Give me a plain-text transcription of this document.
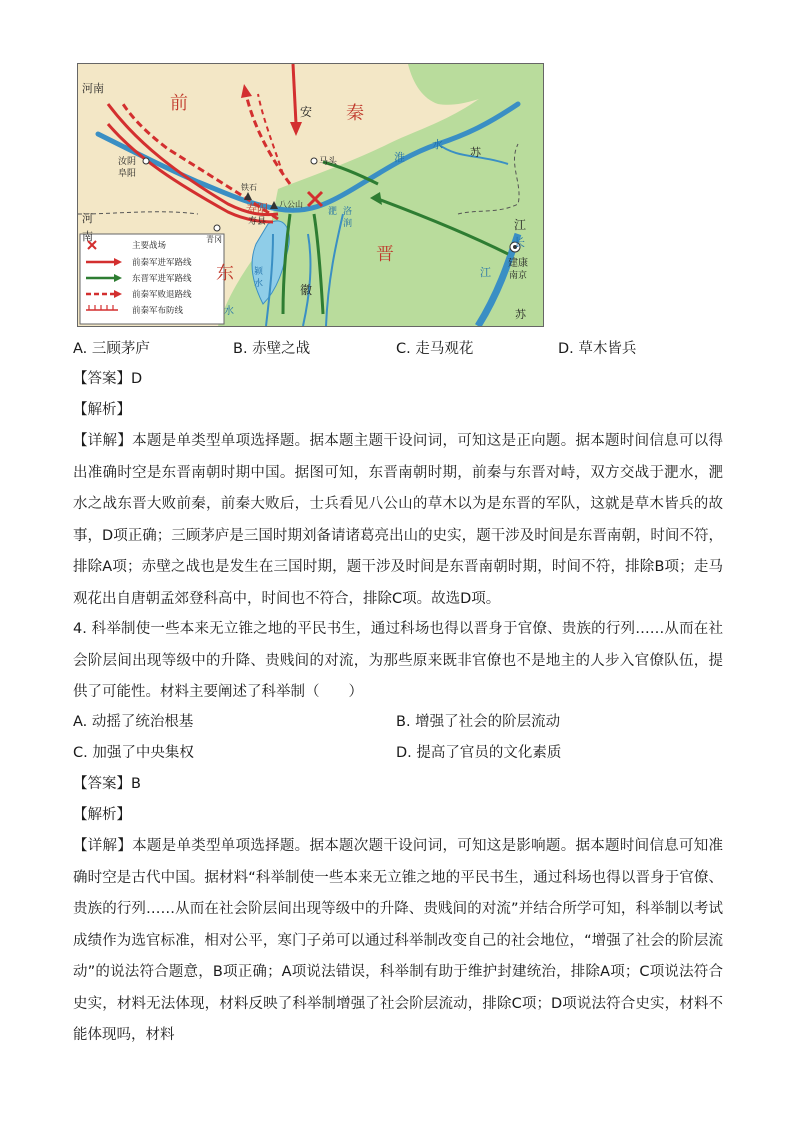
河南
前	秦
安
汝阴
阜阳
马头
铁石
八公山
寿阳
寿县
青冈
河
南
东
晋
徽
淮
水
苏
江
长
江
建康
南京
苏
水
淝 洛
涧
颍
水
主要战场
前秦军进军路线
东晋军进军路线
前秦军败退路线
前秦军布防线
A. 三顾茅庐	B. 赤壁之战	C. 走马观花	D. 草木皆兵
【答案】D
【解析】
【详解】本题是单类型单项选择题。据本题主题干设问词，可知这是正向题。据本题时间信息可以得出准确时空是东晋南朝时期中国。据图可知，东晋南朝时期，前秦与东晋对峙，双方交战于淝水，淝水之战东晋大败前秦，前秦大败后，士兵看见八公山的草木以为是东晋的军队，这就是草木皆兵的故事，D项正确；三顾茅庐是三国时期刘备请诸葛亮出山的史实，题干涉及时间是东晋南朝，时间不符，排除A项；赤壁之战也是发生在三国时期，题干涉及时间是东晋南朝时期，时间不符，排除B项；走马观花出自唐朝孟郊登科高中，时间也不符合，排除C项。故选D项。
4. 科举制使一些本来无立锥之地的平民书生，通过科场也得以晋身于官僚、贵族的行列……从而在社会阶层间出现等级中的升降、贵贱间的对流，为那些原来既非官僚也不是地主的人步入官僚队伍，提供了可能性。材料主要阐述了科举制（　　）
A. 动摇了统治根基	B. 增强了社会的阶层流动
C. 加强了中央集权	D. 提高了官员的文化素质
【答案】B
【解析】
【详解】本题是单类型单项选择题。据本题次题干设问词，可知这是影响题。据本题时间信息可知准确时空是古代中国。据材料“科举制使一些本来无立锥之地的平民书生，通过科场也得以晋身于官僚、贵族的行列……从而在社会阶层间出现等级中的升降、贵贱间的对流”并结合所学可知，科举制以考试成绩作为选官标准，相对公平，寒门子弟可以通过科举制改变自己的社会地位，“增强了社会的阶层流动”的说法符合题意，B项正确；A项说法错误，科举制有助于维护封建统治，排除A项；C项说法符合史实，材料无法体现，材料反映了科举制增强了社会阶层流动，排除C项；D项说法符合史实，材料不能体现吗，材料
